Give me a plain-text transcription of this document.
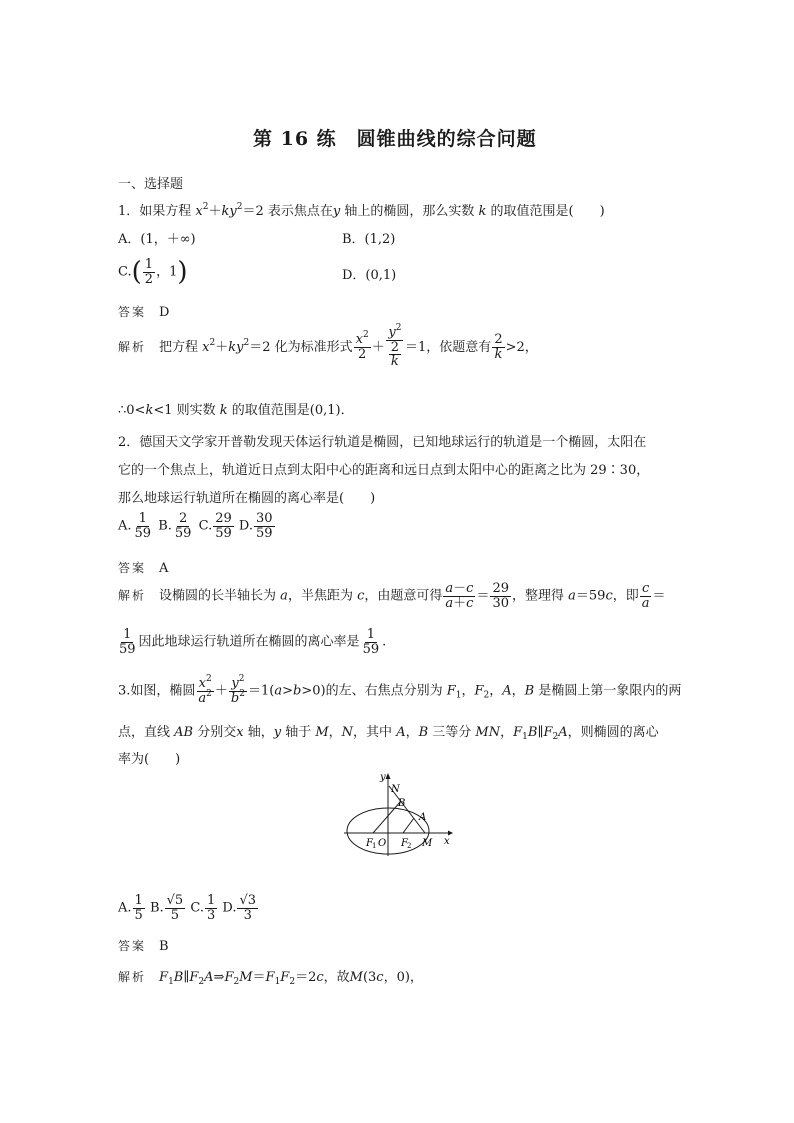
第 16 练　圆锥曲线的综合问题
一、选择题
1．如果方程 $x^2+ky^2=2$ 表示焦点在y 轴上的椭圆，那么实数 k 的取值范围是(　　)
A．(1，＋∞)	B．(1,2)
$C.( \frac{1}{2}$ ，1)	D．(0,1)
答案　 D
解析　 把方程 $x^2+ky^2=2$ 化为标准形式 $\frac{x^2}{2} + \frac{y^2}{\frac{2}{k}} =1$，依题意有 $\frac{2}{k} >2$，
∴0<k<1 则实数 k 的取值范围是(0,1)．
2．德国天文学家开普勒发现天体运行轨道是椭圆，已知地球运行的轨道是一个椭圆，太阳在
它的一个焦点上，轨道近日点到太阳中心的距离和远日点到太阳中心的距离之比为 29∶30，
那么地球运行轨道所在椭圆的离心率是(　　)
A. $\frac{1}{59} B$. $\frac{2}{59} C$. $\frac{29}{59} D$. $\frac{30}{59}$
答案　 A
解析　 设椭圆的长半轴长为 a，半焦距为 c，由题意可得 $\frac{a-c}{a+c} = \frac{29}{30}$ ，整理得 a＝59c，即 $\frac{c}{a}$ ＝
$\frac{1}{59}$ 因此地球运行轨道所在椭圆的离心率是 $\frac{1}{59}$ .
3.如图，椭圆 $\frac{x^2}{a^2} + \frac{y^2}{b^2} =1(a>b>0)$的左、右焦点分别为 $F_1$，$F_2$，A，B 是椭圆上第一象限内的两
点，直线 AB 分别交x 轴，y 轴于 M，N，其中 A，B 三等分 MN，$F_1B\parallel F_2A$，则椭圆的离心
率为(　　)
y
N
B
A
F 1 O F 2 M x
A. $\frac{1}{5} B$. $\frac{√5}{5} C$. $\frac{1}{3} D$. $\frac{√3}{3}$
答案　 B
解析　 $F_1B\parallel F_2A\Rightarrow F_2M=F_1F_2=2c$，故M(3c，0)，
